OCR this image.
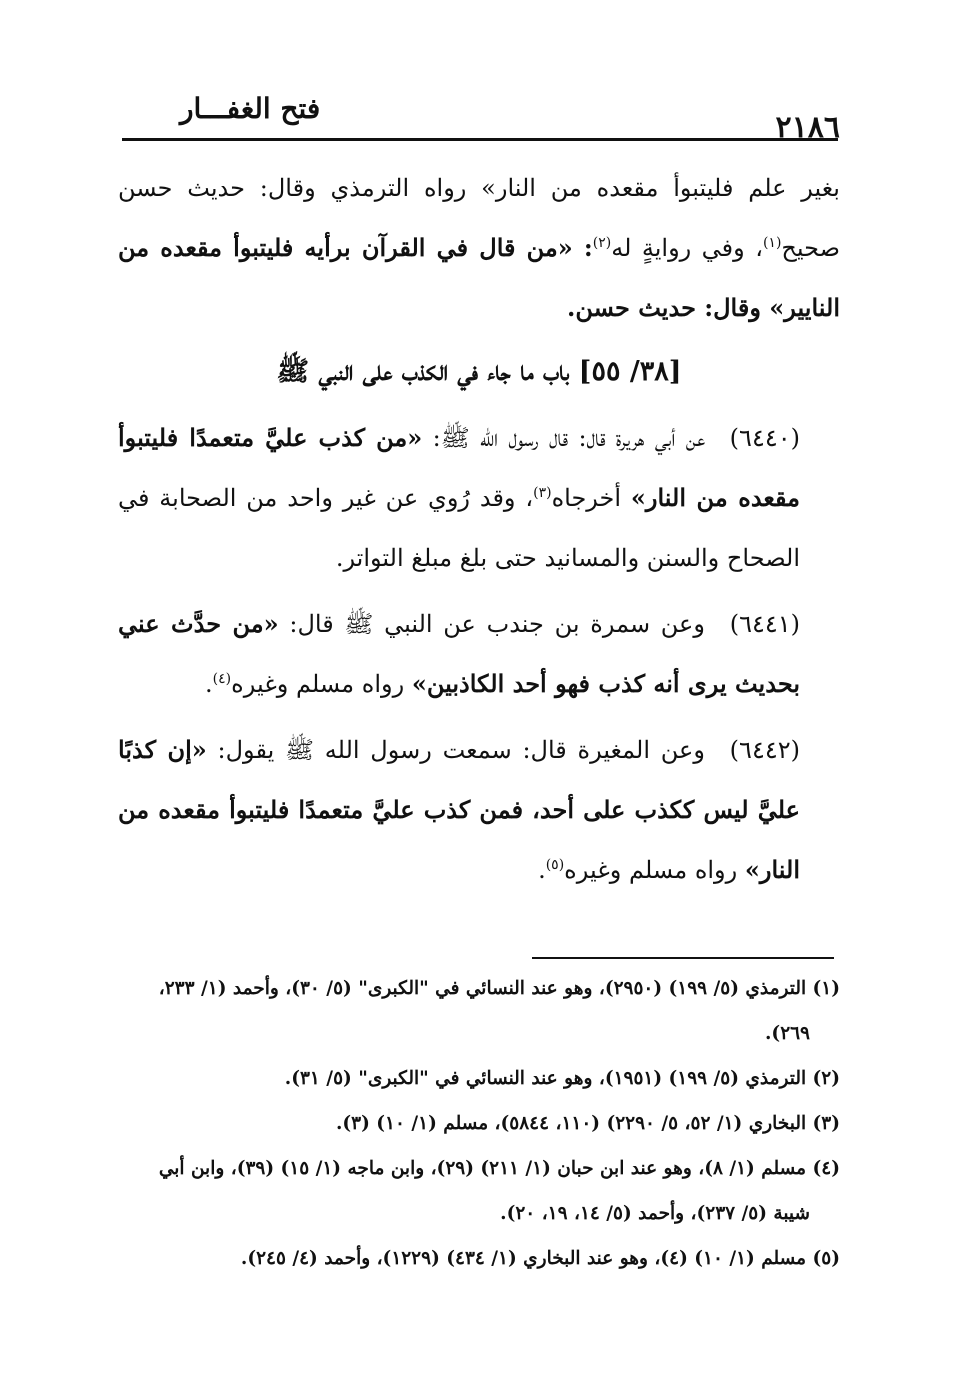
٢١٨٦
فتح الغفـــار

بغير علم فليتبوأ مقعده من النار» رواه الترمذي وقال: حديث حسن صحيح$^{(١)}$، وفي روايةٍ له$^{(٢)}$: «من قال في القرآن برأيه فليتبوأ مقعده من النايير» وقال: حديث حسن.

[٣٨/ ٥٥] باب ما جاء في الكذب على النبي ﷺ

(٦٤٤٠) عن أبي هريرة قال: قال رسول الله ﷺ: «من كذب عليَّ متعمدًا فليتبوأ مقعده من النار» أخرجاه$^{(٣)}$، وقد رُوي عن غير واحد من الصحابة في الصحاح والسنن والمسانيد حتى بلغ مبلغ التواتر.

(٦٤٤١) وعن سمرة بن جندب عن النبي ﷺ قال: «من حدَّث عني بحديث يرى أنه كذب فهو أحد الكاذبين» رواه مسلم وغيره$^{(٤)}$.

(٦٤٤٢) وعن المغيرة قال: سمعت رسول الله ﷺ يقول: «إن كذبًا عليَّ ليس ككذب على أحد، فمن كذب عليَّ متعمدًا فليتبوأ مقعده من النار» رواه مسلم وغيره$^{(٥)}$.

(١) الترمذي (٥/ ١٩٩) (٢٩٥٠)، وهو عند النسائي في "الكبرى" (٥/ ٣٠)، وأحمد (١/ ٢٣٣،
٢٦٩).

(٢) الترمذي (٥/ ١٩٩) (١٩٥١)، وهو عند النسائي في "الكبرى" (٥/ ٣١).

(٣) البخاري (١/ ٥٢، ٥/ ٢٢٩٠) (١١٠، ٥٨٤٤)، مسلم (١/ ١٠) (٣).

(٤) مسلم (١/ ٨)، وهو عند ابن حبان (١/ ٢١١) (٢٩)، وابن ماجه (١/ ١٥) (٣٩)، وابن أبي
شيبة (٥/ ٢٣٧)، وأحمد (٥/ ١٤، ١٩، ٢٠).

(٥) مسلم (١/ ١٠) (٤)، وهو عند البخاري (١/ ٤٣٤) (١٢٢٩)، وأحمد (٤/ ٢٤٥).
